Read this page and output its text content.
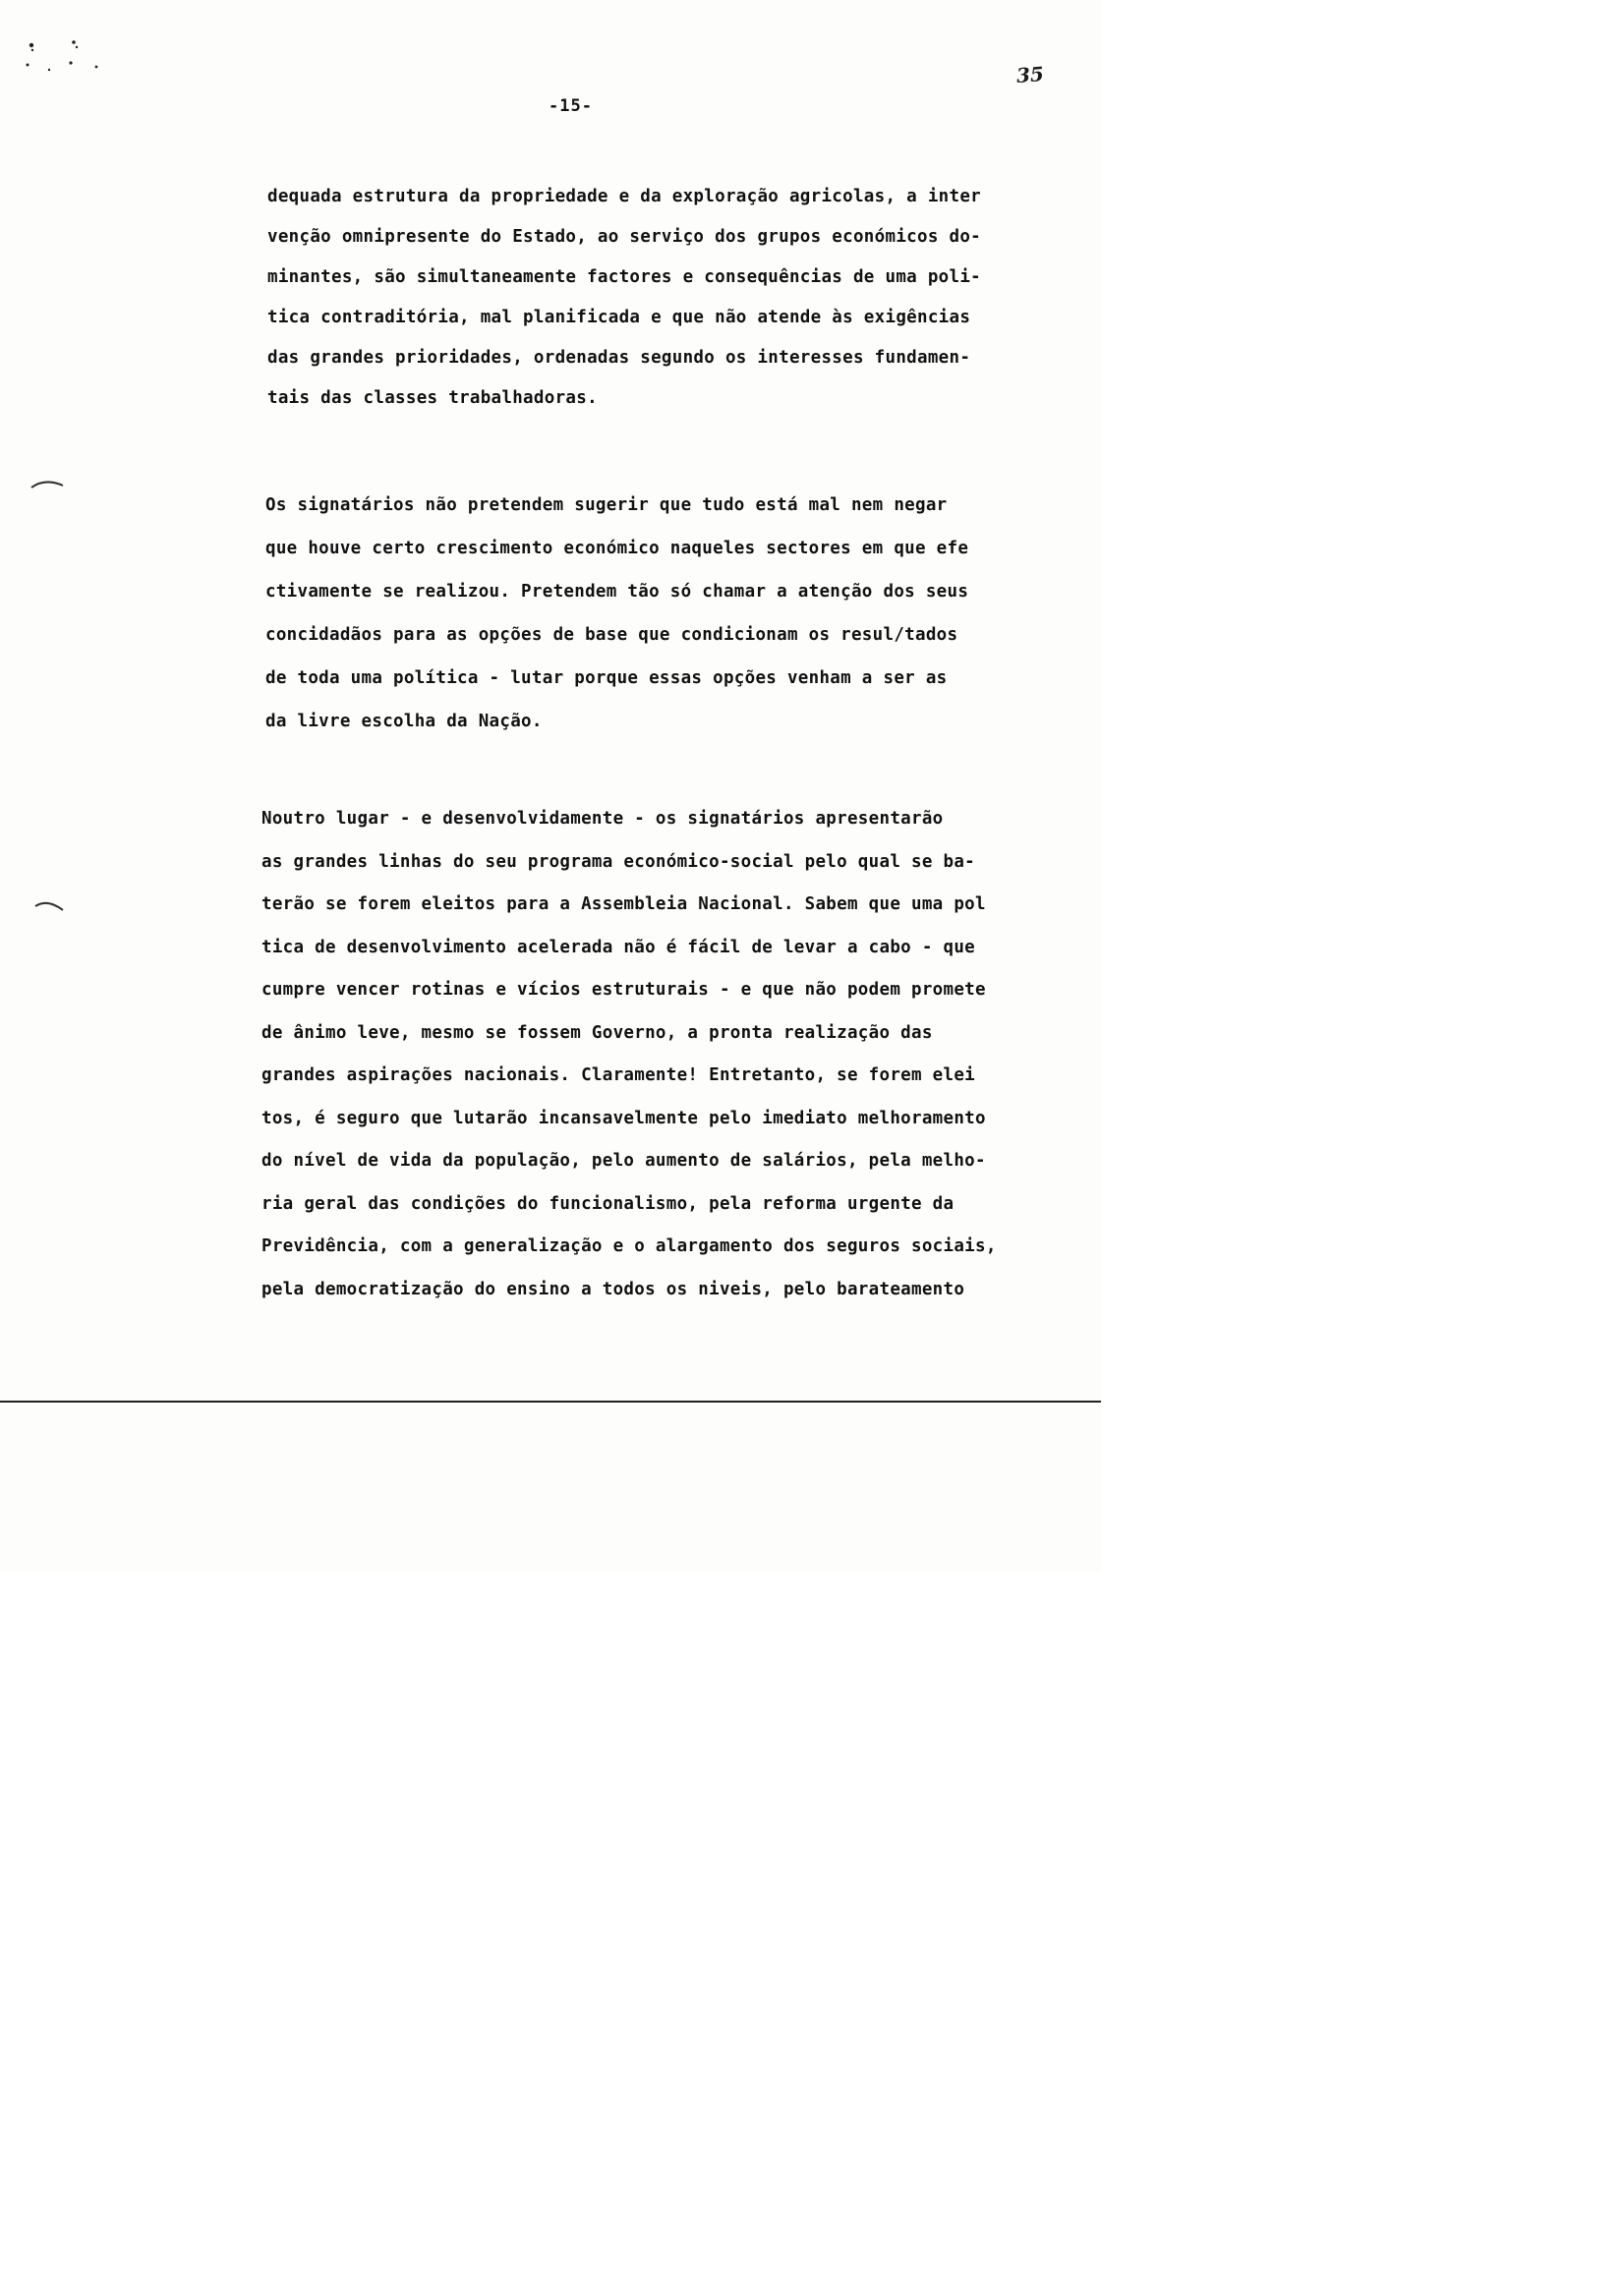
35
-15-

dequada estrutura da propriedade e da exploração agricolas, a inter
venção omnipresente do Estado, ao serviço dos grupos económicos do-
minantes, são simultaneamente factores e consequências de uma poli-
tica contraditória, mal planificada e que não atende às exigências
das grandes prioridades, ordenadas segundo os interesses fundamen-
tais das classes trabalhadoras.

Os signatários não pretendem sugerir que tudo está mal nem negar
que houve certo crescimento económico naqueles sectores em que efe
ctivamente se realizou. Pretendem tão só chamar a atenção dos seus
concidadãos para as opções de base que condicionam os resul/tados
de toda uma política - lutar porque essas opções venham a ser as
da livre escolha da Nação.

Noutro lugar - e desenvolvidamente - os signatários apresentarão
as grandes linhas do seu programa económico-social pelo qual se ba-
terão se forem eleitos para a Assembleia Nacional. Sabem que uma pol
tica de desenvolvimento acelerada não é fácil de levar a cabo - que
cumpre vencer rotinas e vícios estruturais - e que não podem promete
de ânimo leve, mesmo se fossem Governo, a pronta realização das
grandes aspirações nacionais. Claramente! Entretanto, se forem elei
tos, é seguro que lutarão incansavelmente pelo imediato melhoramento
do nível de vida da população, pelo aumento de salários, pela melho-
ria geral das condições do funcionalismo, pela reforma urgente da
Previdência, com a generalização e o alargamento dos seguros sociais,
pela democratização do ensino a todos os niveis, pelo barateamento
